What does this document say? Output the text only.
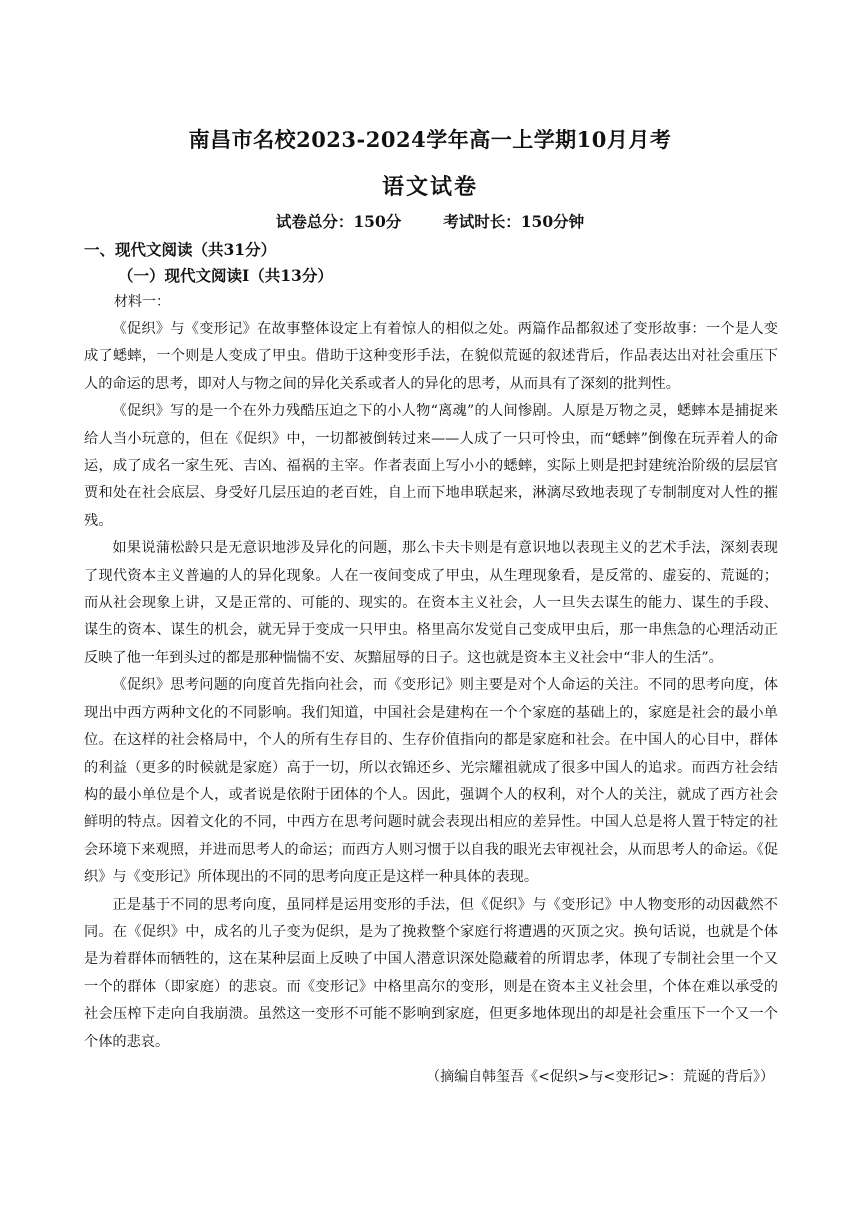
南昌市名校2023-2024学年高一上学期10月月考
语文试卷
试卷总分：150分	考试时长：150分钟
一、现代文阅读（共31分）
（一）现代文阅读Ⅰ（共13分）
材料一：

《促织》与《变形记》在故事整体设定上有着惊人的相似之处。两篇作品都叙述了变形故事：一个是人变成了蟋蟀，一个则是人变成了甲虫。借助于这种变形手法，在貌似荒诞的叙述背后，作品表达出对社会重压下人的命运的思考，即对人与物之间的异化关系或者人的异化的思考，从而具有了深刻的批判性。

《促织》写的是一个在外力残酷压迫之下的小人物“离魂”的人间惨剧。人原是万物之灵，蟋蟀本是捕捉来给人当小玩意的，但在《促织》中，一切都被倒转过来——人成了一只可怜虫，而“蟋蟀”倒像在玩弄着人的命运，成了成名一家生死、吉凶、福祸的主宰。作者表面上写小小的蟋蟀，实际上则是把封建统治阶级的层层官贾和处在社会底层、身受好几层压迫的老百姓，自上而下地串联起来，淋漓尽致地表现了专制制度对人性的摧残。

如果说蒲松龄只是无意识地涉及异化的问题，那么卡夫卡则是有意识地以表现主义的艺术手法，深刻表现了现代资本主义普遍的人的异化现象。人在一夜间变成了甲虫，从生理现象看，是反常的、虚妄的、荒诞的；而从社会现象上讲，又是正常的、可能的、现实的。在资本主义社会，人一旦失去谋生的能力、谋生的手段、谋生的资本、谋生的机会，就无异于变成一只甲虫。格里高尔发觉自己变成甲虫后，那一串焦急的心理活动正反映了他一年到头过的都是那种惴惴不安、灰黯屈辱的日子。这也就是资本主义社会中“非人的生活”。

《促织》思考问题的向度首先指向社会，而《变形记》则主要是对个人命运的关注。不同的思考向度，体现出中西方两种文化的不同影响。我们知道，中国社会是建构在一个个家庭的基础上的，家庭是社会的最小单位。在这样的社会格局中，个人的所有生存目的、生存价值指向的都是家庭和社会。在中国人的心目中，群体的利益（更多的时候就是家庭）高于一切，所以衣锦还乡、光宗耀祖就成了很多中国人的追求。而西方社会结构的最小单位是个人，或者说是依附于团体的个人。因此，强调个人的权利，对个人的关注，就成了西方社会鲜明的特点。因着文化的不同，中西方在思考问题时就会表现出相应的差异性。中国人总是将人置于特定的社会环境下来观照，并进而思考人的命运；而西方人则习惯于以自我的眼光去审视社会，从而思考人的命运。《促织》与《变形记》所体现出的不同的思考向度正是这样一种具体的表现。

正是基于不同的思考向度，虽同样是运用变形的手法，但《促织》与《变形记》中人物变形的动因截然不同。在《促织》中，成名的儿子变为促织，是为了挽救整个家庭行将遭遇的灭顶之灾。换句话说，也就是个体是为着群体而牺牲的，这在某种层面上反映了中国人潜意识深处隐藏着的所谓忠孝，体现了专制社会里一个又一个的群体（即家庭）的悲哀。而《变形记》中格里高尔的变形，则是在资本主义社会里，个体在难以承受的社会压榨下走向自我崩溃。虽然这一变形不可能不影响到家庭，但更多地体现出的却是社会重压下一个又一个个体的悲哀。

（摘编自韩玺吾《<促织>与<变形记>：荒诞的背后》）
